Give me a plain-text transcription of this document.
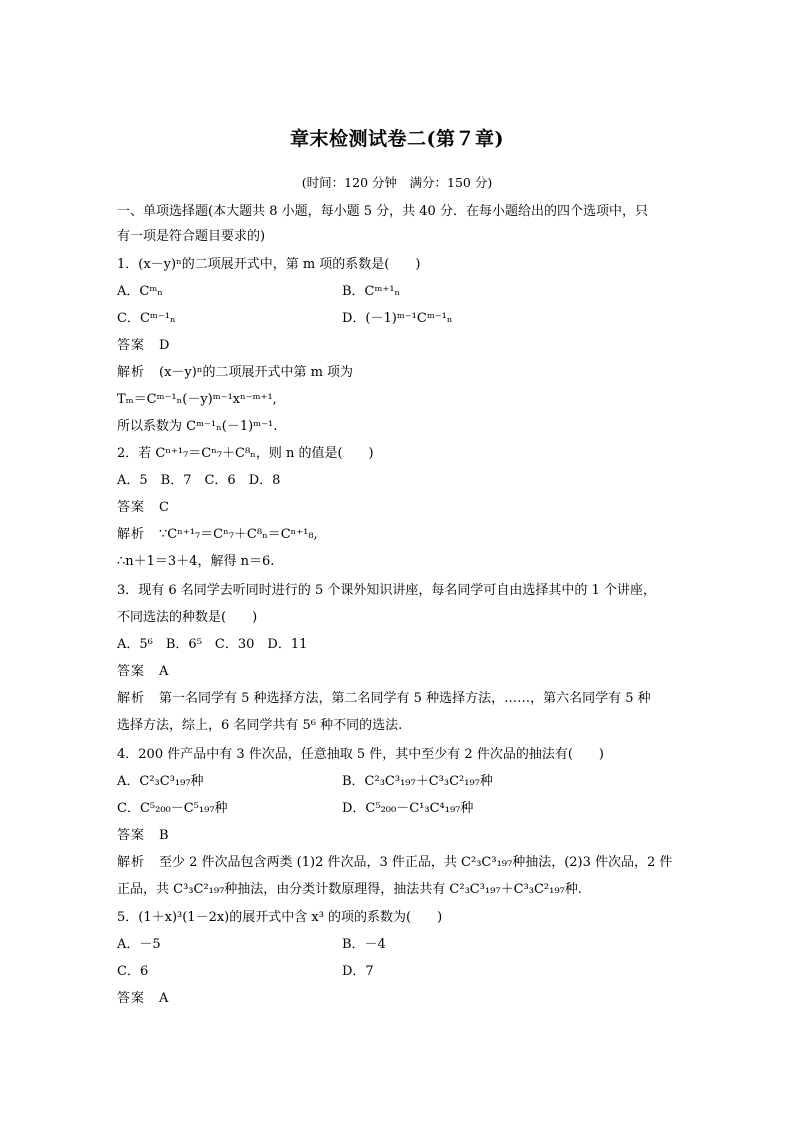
章末检测试卷二(第７章)
(时间：120 分钟　满分：150 分)
一、单项选择题(本大题共 8 小题，每小题 5 分，共 40 分．在每小题给出的四个选项中，只
有一项是符合题目要求的)
1．(x－y)ⁿ的二项展开式中，第 m 项的系数是(　　)
A．Cᵐₙ	B．Cᵐ⁺¹ₙ
C．Cᵐ⁻¹ₙ	D．(－1)ᵐ⁻¹Cᵐ⁻¹ₙ
答案 D
解析 (x－y)ⁿ的二项展开式中第 m 项为
Tₘ＝Cᵐ⁻¹ₙ(－y)ᵐ⁻¹xⁿ⁻ᵐ⁺¹,
所以系数为 Cᵐ⁻¹ₙ(－1)ᵐ⁻¹.
2．若 Cⁿ⁺¹₇＝Cⁿ₇＋C⁸ₙ，则 n 的值是(　　)
A．5　B．7　C．6　D．8
答案 C
解析 ∵Cⁿ⁺¹₇＝Cⁿ₇＋C⁸ₙ＝Cⁿ⁺¹₈,
∴n＋1＝3＋4，解得 n＝6.
3．现有 6 名同学去听同时进行的 5 个课外知识讲座，每名同学可自由选择其中的 1 个讲座，
不同选法的种数是(　　)
A．5⁶　B．6⁵　C．30　D．11
答案 A
解析 第一名同学有 5 种选择方法，第二名同学有 5 种选择方法，……，第六名同学有 5 种
选择方法，综上，6 名同学共有 5⁶ 种不同的选法.
4．200 件产品中有 3 件次品，任意抽取 5 件，其中至少有 2 件次品的抽法有(　　)
A．C²₃C³₁₉₇种	B．C²₃C³₁₉₇＋C³₃C²₁₉₇种
C．C⁵₂₀₀－C⁵₁₉₇种	D．C⁵₂₀₀－C¹₃C⁴₁₉₇种
答案 B
解析 至少 2 件次品包含两类 (1)2 件次品，3 件正品，共 C²₃C³₁₉₇种抽法，(2)3 件次品，2 件
正品，共 C³₃C²₁₉₇种抽法，由分类计数原理得，抽法共有 C²₃C³₁₉₇＋C³₃C²₁₉₇种.
5．(1＋x)³(1－2x)的展开式中含 x³ 的项的系数为(　　)
A．－5	B．－4
C．6	D．7
答案 A
